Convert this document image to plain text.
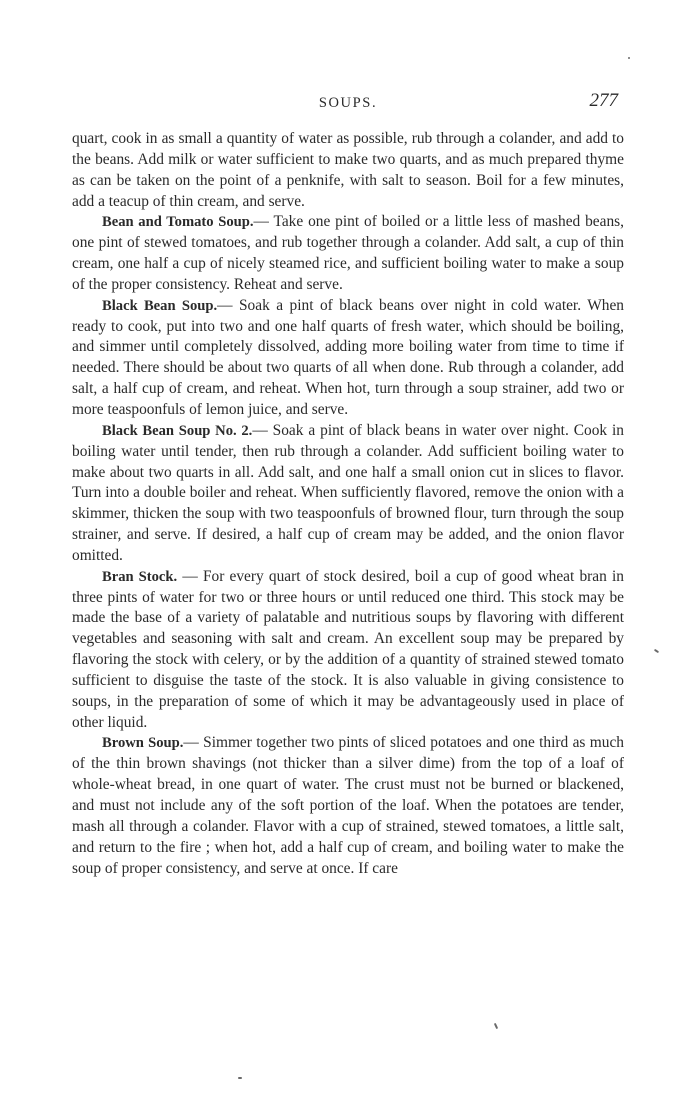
SOUPS.	277

quart, cook in as small a quantity of water as possible, rub through a colander, and add to the beans. Add milk or water sufficient to make two quarts, and as much prepared thyme as can be taken on the point of a penknife, with salt to season. Boil for a few minutes, add a teacup of thin cream, and serve.

Bean and Tomato Soup.— Take one pint of boiled or a little less of mashed beans, one pint of stewed tomatoes, and rub together through a colander. Add salt, a cup of thin cream, one half a cup of nicely steamed rice, and sufficient boiling water to make a soup of the proper consistency. Reheat and serve.

Black Bean Soup.— Soak a pint of black beans over night in cold water. When ready to cook, put into two and one half quarts of fresh water, which should be boiling, and simmer until completely dissolved, adding more boiling water from time to time if needed. There should be about two quarts of all when done. Rub through a colander, add salt, a half cup of cream, and reheat. When hot, turn through a soup strainer, add two or more teaspoonfuls of lemon juice, and serve.

Black Bean Soup No. 2.— Soak a pint of black beans in water over night. Cook in boiling water until tender, then rub through a colander. Add sufficient boiling water to make about two quarts in all. Add salt, and one half a small onion cut in slices to flavor. Turn into a double boiler and reheat. When sufficiently flavored, remove the onion with a skimmer, thicken the soup with two teaspoonfuls of browned flour, turn through the soup strainer, and serve. If desired, a half cup of cream may be added, and the onion flavor omitted.

Bran Stock. — For every quart of stock desired, boil a cup of good wheat bran in three pints of water for two or three hours or until reduced one third. This stock may be made the base of a variety of palatable and nutritious soups by flavoring with different vegetables and seasoning with salt and cream. An excellent soup may be prepared by flavoring the stock with celery, or by the addition of a quantity of strained stewed tomato sufficient to disguise the taste of the stock. It is also valuable in giving consistence to soups, in the preparation of some of which it may be advantageously used in place of other liquid.

Brown Soup.— Simmer together two pints of sliced potatoes and one third as much of the thin brown shavings (not thicker than a silver dime) from the top of a loaf of whole-wheat bread, in one quart of water. The crust must not be burned or blackened, and must not include any of the soft portion of the loaf. When the potatoes are tender, mash all through a colander. Flavor with a cup of strained, stewed tomatoes, a little salt, and return to the fire ; when hot, add a half cup of cream, and boiling water to make the soup of proper consistency, and serve at once. If care
